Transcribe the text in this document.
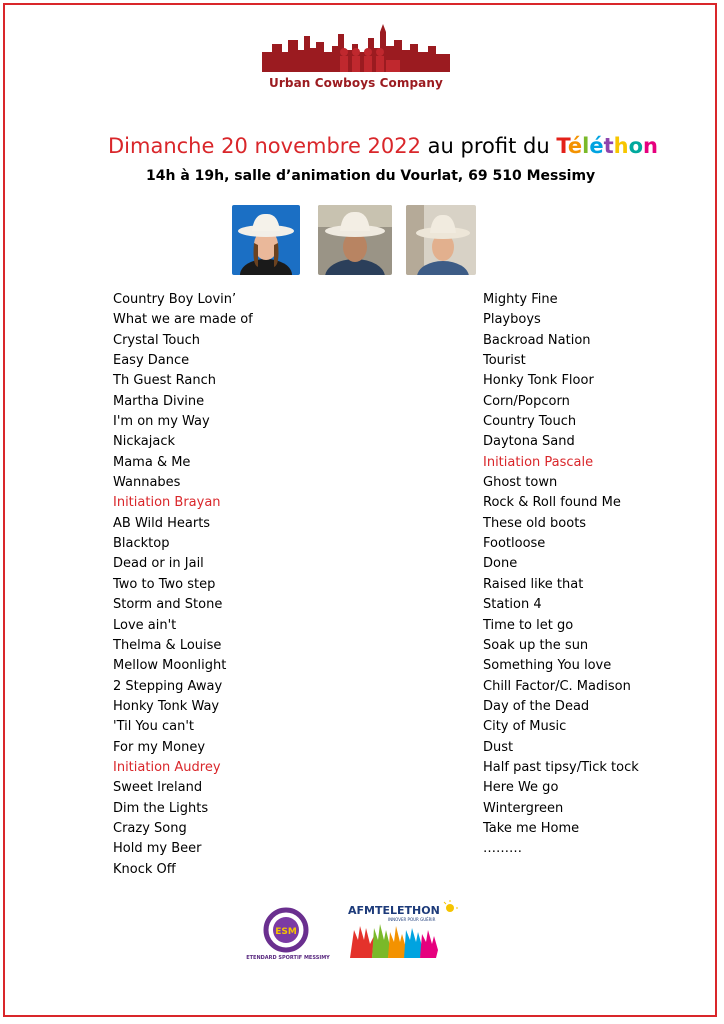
Urban Cowboys Company
Dimanche 20 novembre 2022 au profit du Téléthon
14h à 19h, salle d’animation du Vourlat, 69 510 Messimy
Country Boy Lovin’
What we are made of
Crystal Touch
Easy Dance
Th Guest Ranch
Martha Divine
I'm on my Way
Nickajack
Mama & Me
Wannabes
Initiation Brayan
AB Wild Hearts
Blacktop
Dead or in Jail
Two to Two step
Storm and Stone
Love ain't
Thelma & Louise
Mellow Moonlight
2 Stepping Away
Honky Tonk Way
'Til You can't
For my Money
Initiation Audrey
Sweet Ireland
Dim the Lights
Crazy Song
Hold my Beer
Knock Off
Mighty Fine
Playboys
Backroad Nation
Tourist
Honky Tonk Floor
Corn/Popcorn
Country Touch
Daytona Sand
Initiation Pascale
Ghost town
Rock & Roll found Me
These old boots
Footloose
Done
Raised like that
Station 4
Time to let go
Soak up the sun
Something You love
Chill Factor/C. Madison
Day of the Dead
City of Music
Dust
Half past tipsy/Tick tock
Here We go
Wintergreen
Take me Home
………
ESM
ETENDARD SPORTIF MESSIMY
AFMTELETHON
INNOVER POUR GUÉRIR
